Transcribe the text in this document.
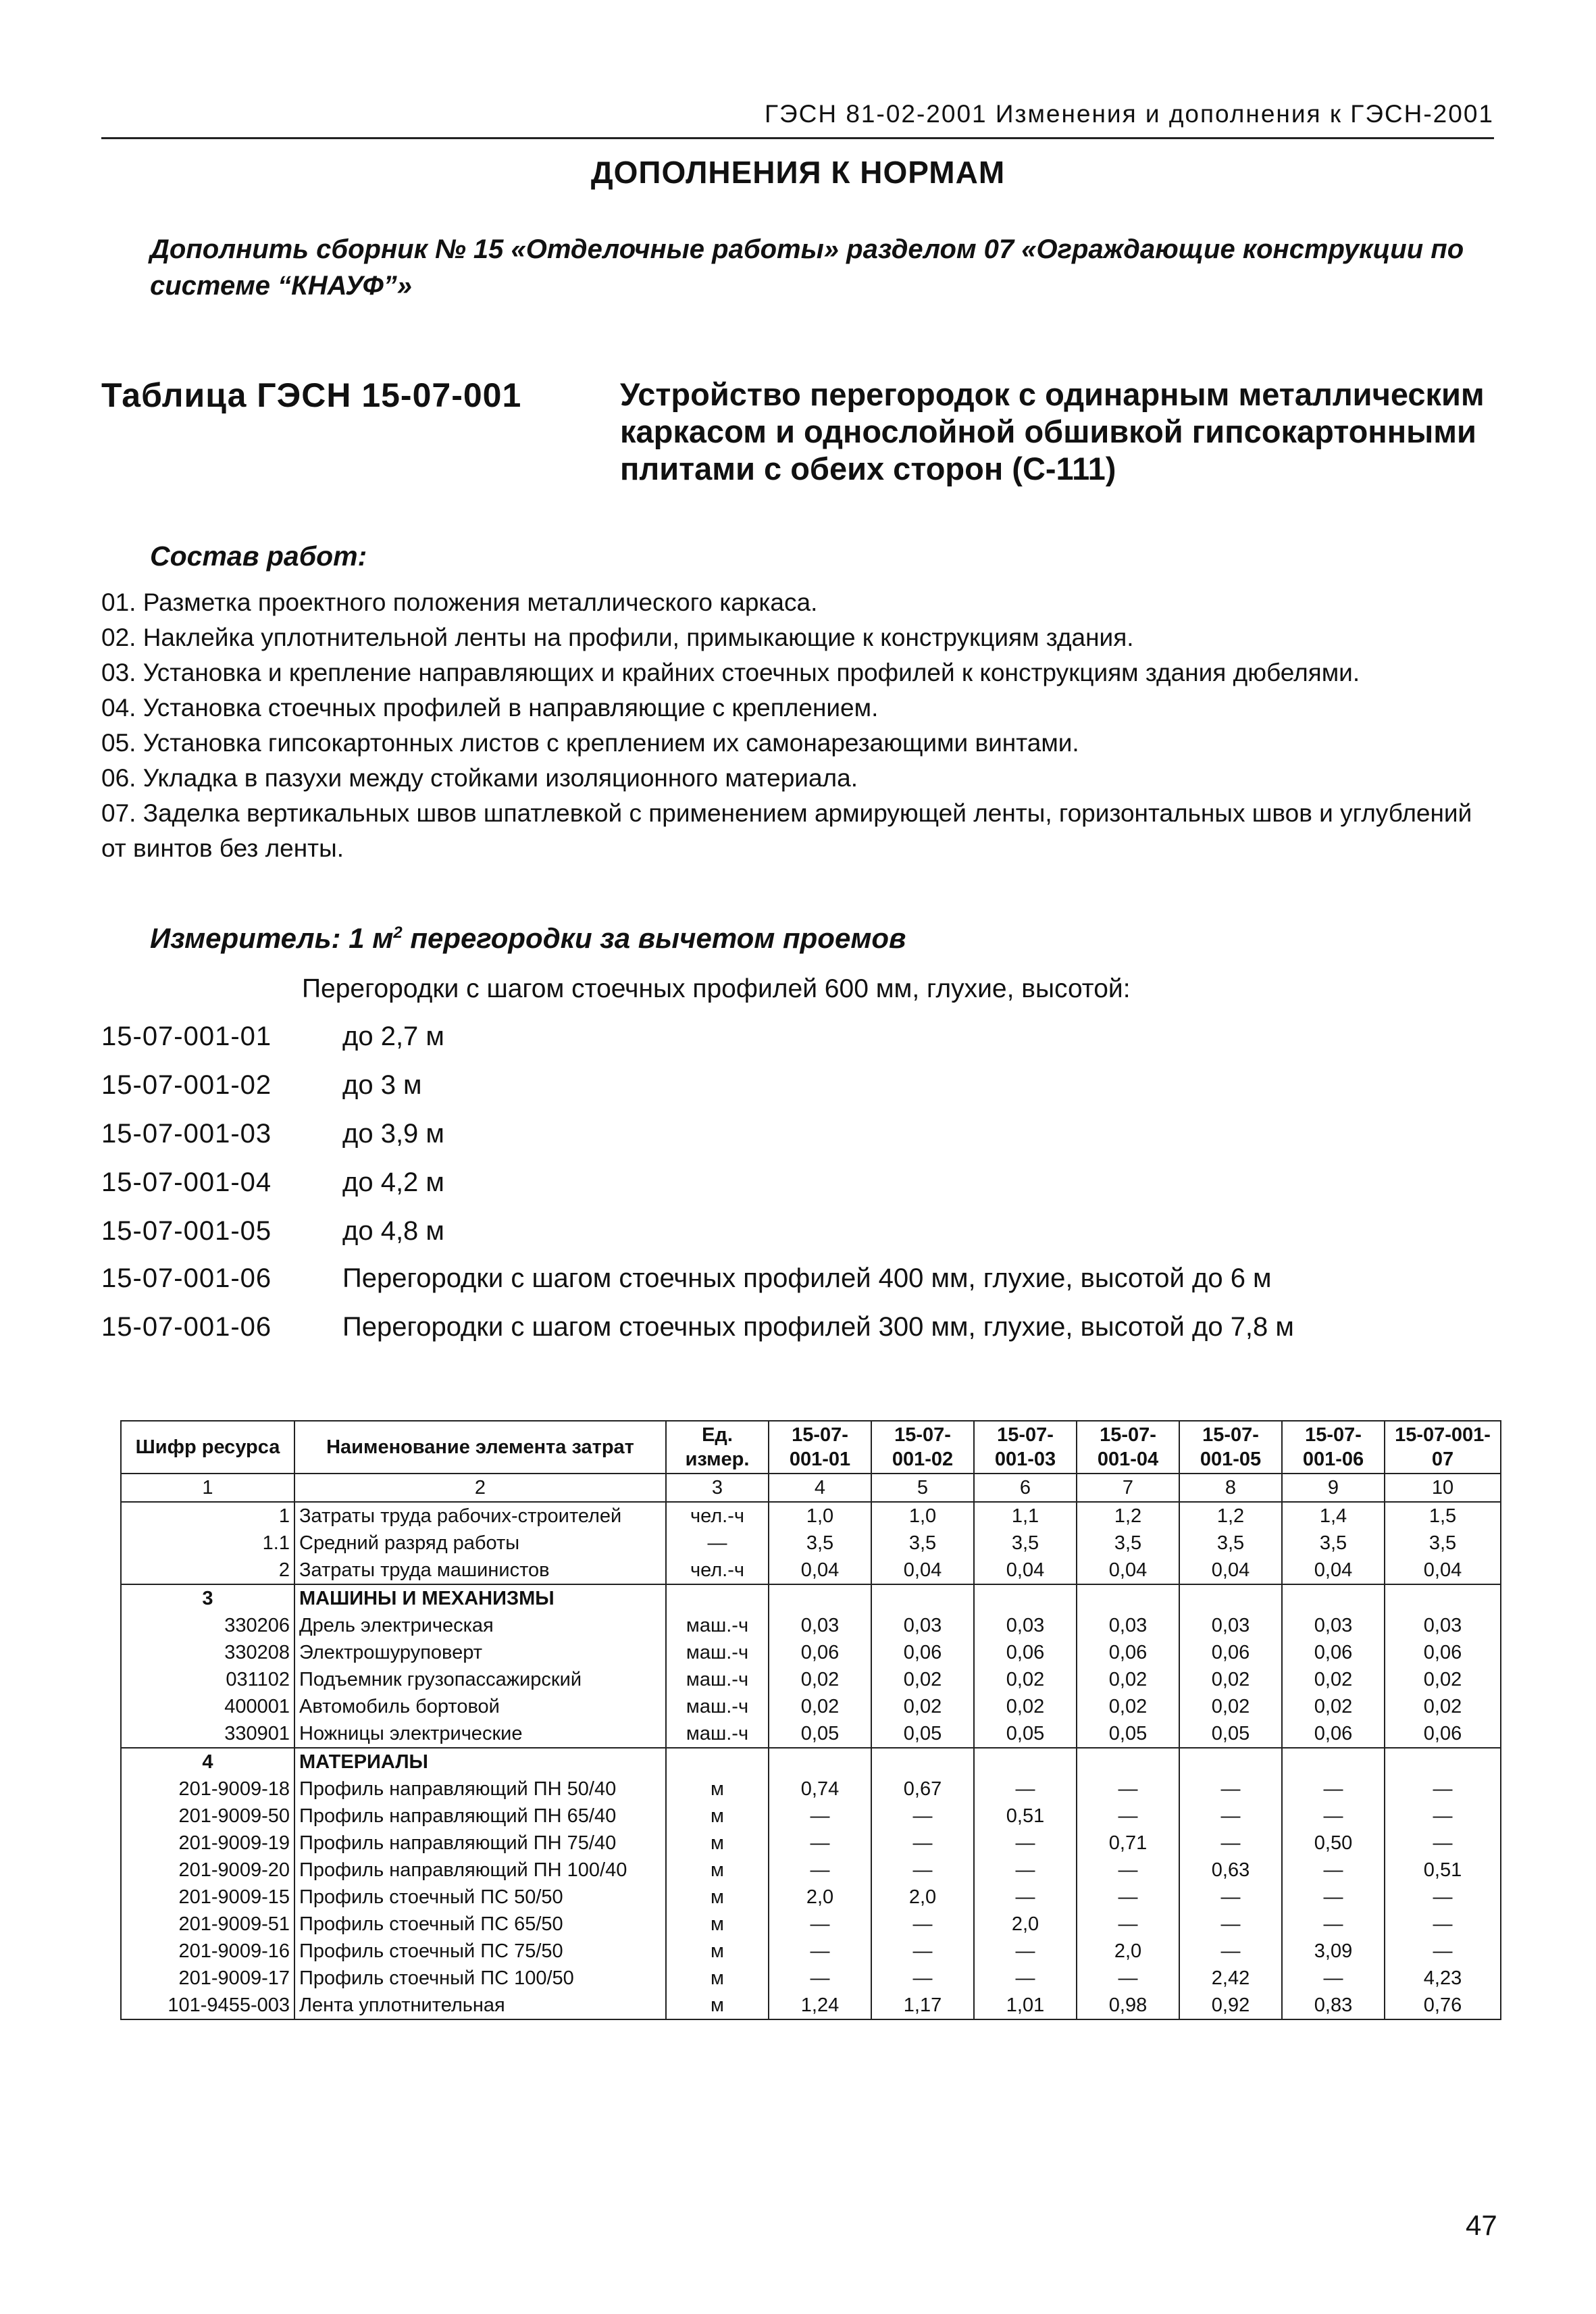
ГЭСН 81-02-2001 Изменения и дополнения к ГЭСН-2001
ДОПОЛНЕНИЯ К НОРМАМ
Дополнить сборник № 15 «Отделочные работы» разделом 07 «Ограждающие конструкции по системе “КНАУФ”»
Таблица ГЭСН 15-07-001	Устройство перегородок с одинарным металлическим каркасом и однослойной обшивкой гипсокартонными плитами с обеих сторон (С-111)
Состав работ:
01. Разметка проектного положения металлического каркаса.
02. Наклейка уплотнительной ленты на профили, примыкающие к конструкциям здания.
03. Установка и крепление направляющих и крайних стоечных профилей к конструкциям здания дюбелями.
04. Установка стоечных профилей в направляющие с креплением.
05. Установка гипсокартонных листов с креплением их самонарезающими винтами.
06. Укладка в пазухи между стойками изоляционного материала.
07. Заделка вертикальных швов шпатлевкой с применением армирующей ленты, горизонтальных швов и углублений от винтов без ленты.
Измеритель: 1 $м^2$ перегородки за вычетом проемов
Перегородки с шагом стоечных профилей 600 мм, глухие, высотой:
15-07-001-01	до 2,7 м
15-07-001-02	до 3 м
15-07-001-03	до 3,9 м
15-07-001-04	до 4,2 м
15-07-001-05	до 4,8 м
15-07-001-06	Перегородки с шагом стоечных профилей 400 мм, глухие, высотой до 6 м
15-07-001-06	Перегородки с шагом стоечных профилей 300 мм, глухие, высотой до 7,8 м
Шифр ресурса	Наименование элемента затрат	Ед. измер.	15-07-001-01	15-07-001-02	15-07-001-03	15-07-001-04	15-07-001-05	15-07-001-06	15-07-001-07
1	2	3	4	5	6	7	8	9	10
1	Затраты труда рабочих-строителей	чел.-ч	1,0	1,0	1,1	1,2	1,2	1,4	1,5
1.1	Средний разряд работы	—	3,5	3,5	3,5	3,5	3,5	3,5	3,5
2	Затраты труда машинистов	чел.-ч	0,04	0,04	0,04	0,04	0,04	0,04	0,04
3	МАШИНЫ И МЕХАНИЗМЫ								
330206	Дрель электрическая	маш.-ч	0,03	0,03	0,03	0,03	0,03	0,03	0,03
330208	Электрошуруповерт	маш.-ч	0,06	0,06	0,06	0,06	0,06	0,06	0,06
031102	Подъемник грузопассажирский	маш.-ч	0,02	0,02	0,02	0,02	0,02	0,02	0,02
400001	Автомобиль бортовой	маш.-ч	0,02	0,02	0,02	0,02	0,02	0,02	0,02
330901	Ножницы электрические	маш.-ч	0,05	0,05	0,05	0,05	0,05	0,06	0,06
4	МАТЕРИАЛЫ								
201-9009-18	Профиль направляющий ПН 50/40	м	0,74	0,67	—	—	—	—	—
201-9009-50	Профиль направляющий ПН 65/40	м	—	—	0,51	—	—	—	—
201-9009-19	Профиль направляющий ПН 75/40	м	—	—	—	0,71	—	0,50	—
201-9009-20	Профиль направляющий ПН 100/40	м	—	—	—	—	0,63	—	0,51
201-9009-15	Профиль стоечный ПС 50/50	м	2,0	2,0	—	—	—	—	—
201-9009-51	Профиль стоечный ПС 65/50	м	—	—	2,0	—	—	—	—
201-9009-16	Профиль стоечный ПС 75/50	м	—	—	—	2,0	—	3,09	—
201-9009-17	Профиль стоечный ПС 100/50	м	—	—	—	—	2,42	—	4,23
101-9455-003	Лента уплотнительная	м	1,24	1,17	1,01	0,98	0,92	0,83	0,76
47
